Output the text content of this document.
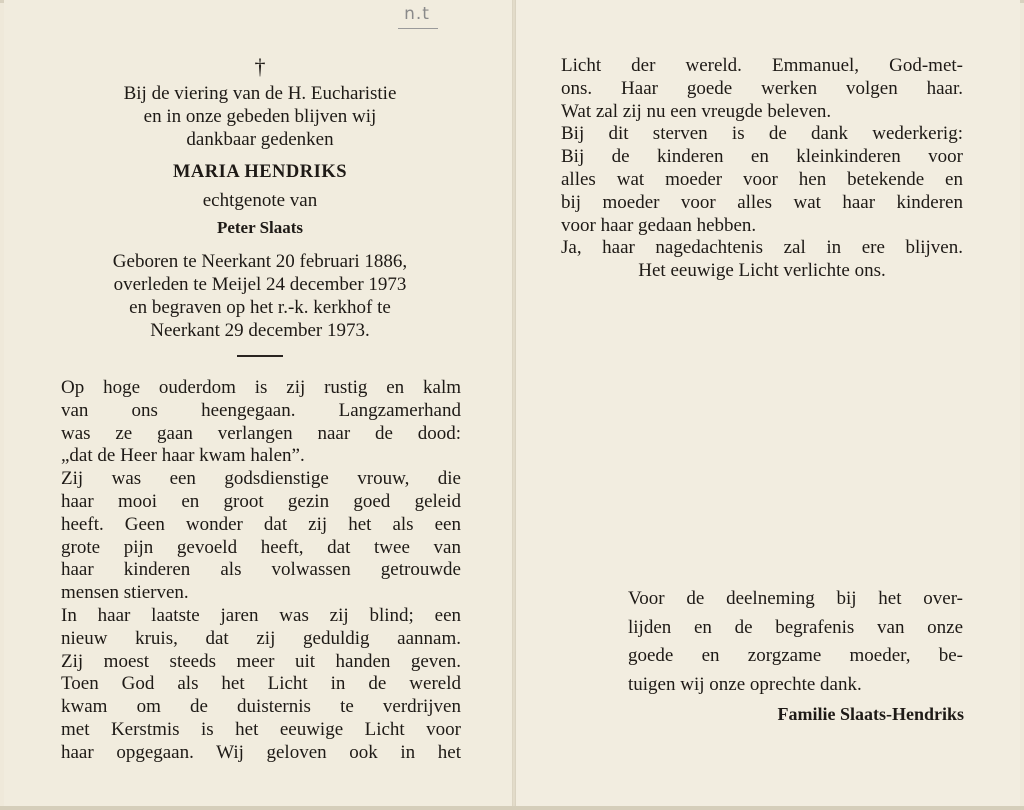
n.t
†
Bij de viering van de H. Eucharistie
en in onze gebeden blijven wij
dankbaar gedenken
MARIA HENDRIKS
echtgenote van
Peter Slaats
Geboren te Neerkant 20 februari 1886,
overleden te Meijel 24 december 1973
en begraven op het r.-k. kerkhof te
Neerkant 29 december 1973.
Op hoge ouderdom is zij rustig en kalm
van ons heengegaan. Langzamerhand
was ze gaan verlangen naar de dood:
„dat de Heer haar kwam halen”.
Zij was een godsdienstige vrouw, die
haar mooi en groot gezin goed geleid
heeft. Geen wonder dat zij het als een
grote pijn gevoeld heeft, dat twee van
haar kinderen als volwassen getrouwde
mensen stierven.
In haar laatste jaren was zij blind; een
nieuw kruis, dat zij geduldig aannam.
Zij moest steeds meer uit handen geven.
Toen God als het Licht in de wereld
kwam om de duisternis te verdrijven
met Kerstmis is het eeuwige Licht voor
haar opgegaan. Wij geloven ook in het
Licht der wereld. Emmanuel, God-met-
ons. Haar goede werken volgen haar.
Wat zal zij nu een vreugde beleven.
Bij dit sterven is de dank wederkerig:
Bij de kinderen en kleinkinderen voor
alles wat moeder voor hen betekende en
bij moeder voor alles wat haar kinderen
voor haar gedaan hebben.
Ja, haar nagedachtenis zal in ere blijven.
Het eeuwige Licht verlichte ons.
Voor de deelneming bij het over-
lijden en de begrafenis van onze
goede en zorgzame moeder, be-
tuigen wij onze oprechte dank.
Familie Slaats-Hendriks
